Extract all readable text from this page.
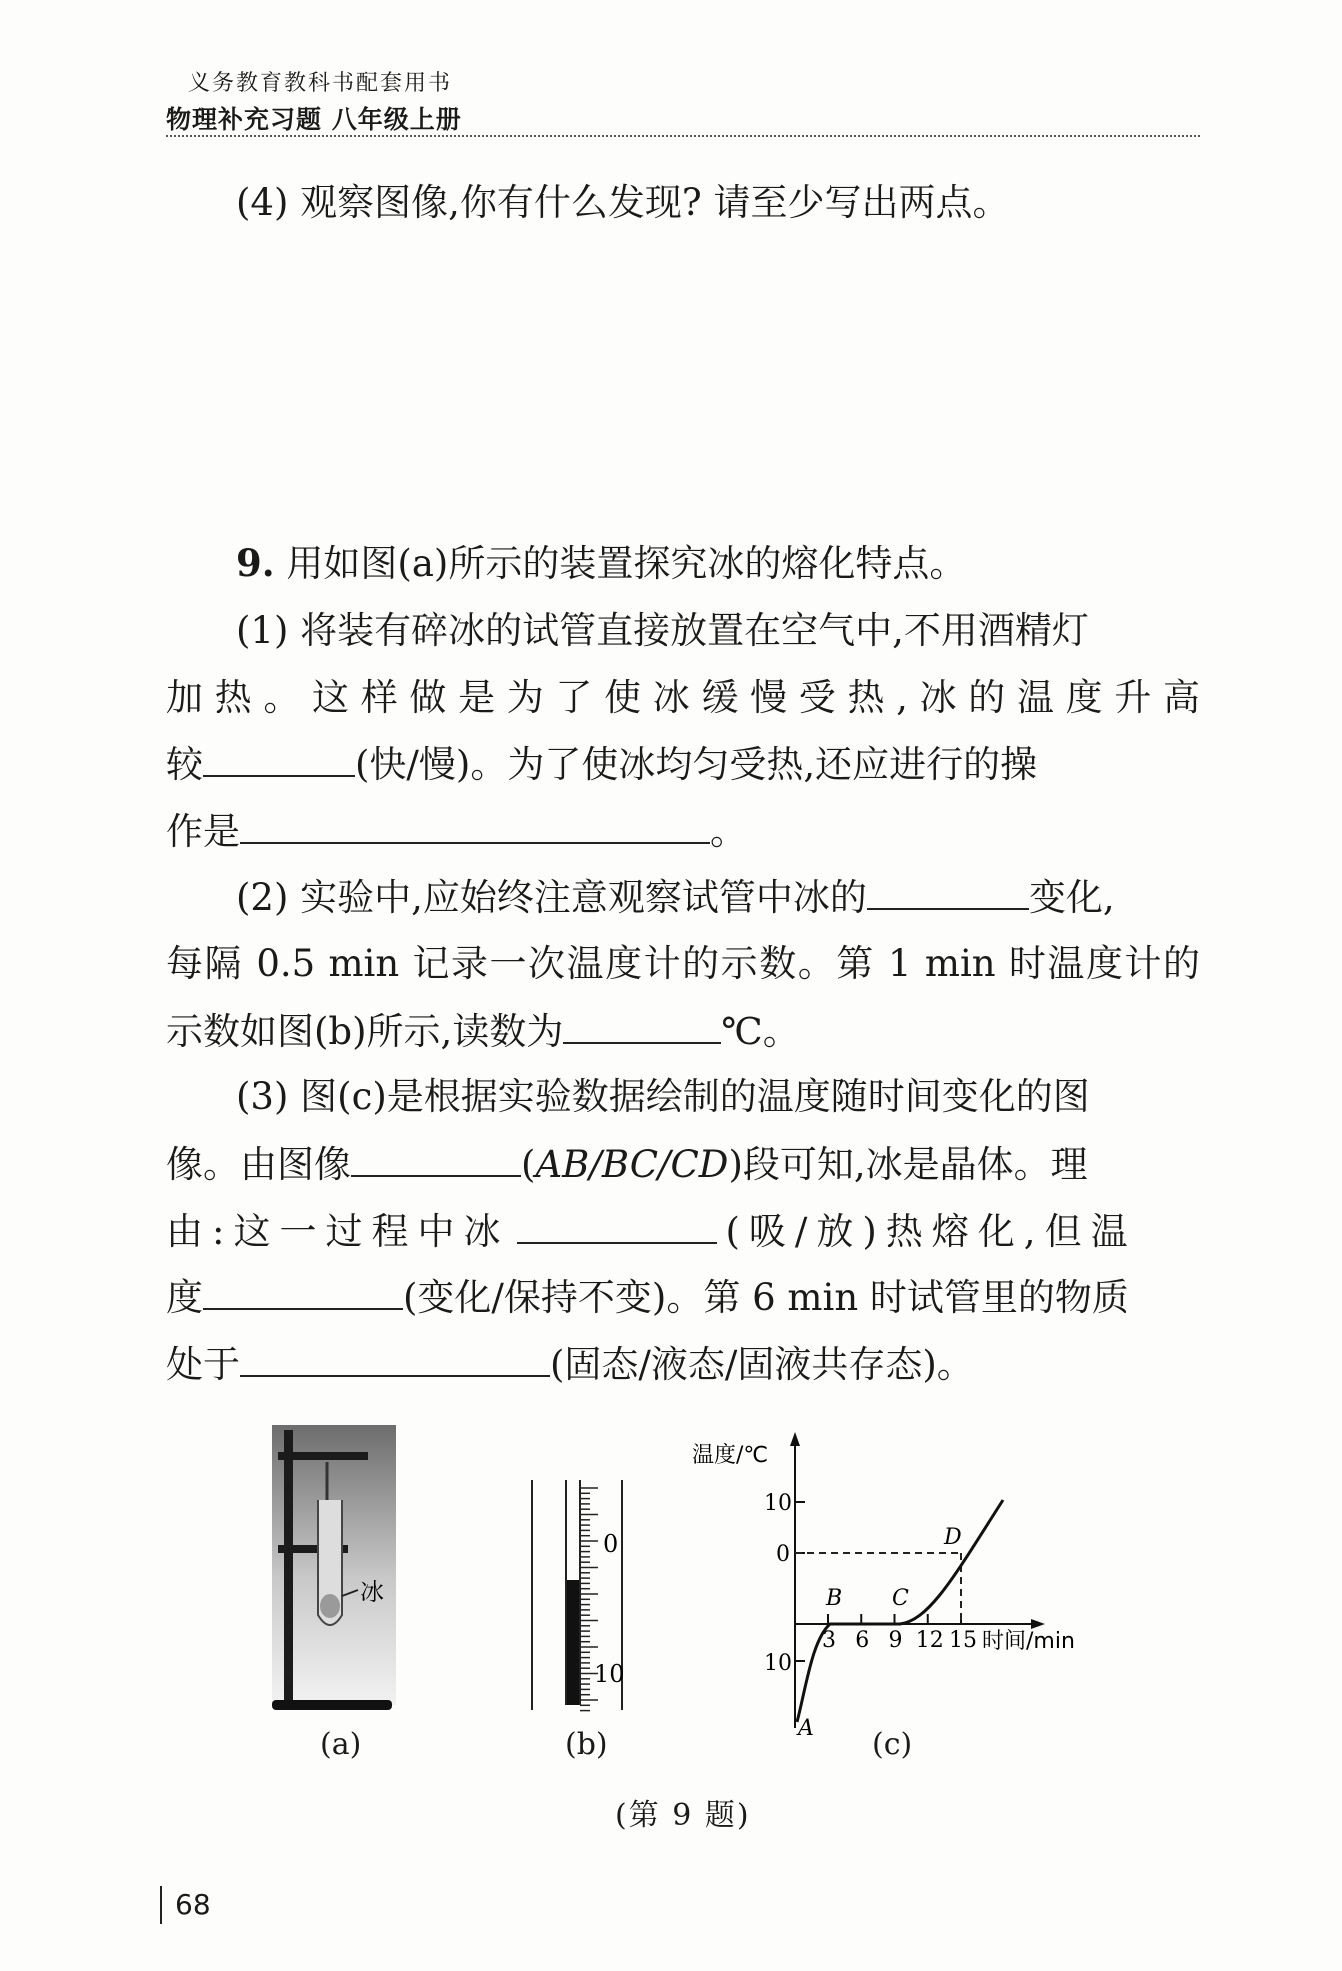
义务教育教科书配套用书
物理补充习题 八年级上册
(4) 观察图像,你有什么发现? 请至少写出两点。
9. 用如图(a)所示的装置探究冰的熔化特点。
(1) 将装有碎冰的试管直接放置在空气中,不用酒精灯
加热。这样做是为了使冰缓慢受热,冰的温度升高
较	(快/慢)。为了使冰均匀受热,还应进行的操
作是	。
(2) 实验中,应始终注意观察试管中冰的	变化,
每隔 0.5 min 记录一次温度计的示数。第 1 min 时温度计的
示数如图(b)所示,读数为	℃。
(3) 图(c)是根据实验数据绘制的温度随时间变化的图
像。由图像	(AB/BC/CD)段可知,冰是晶体。理
由:这一过程中冰	(吸/放)热熔化,但温
度	(变化/保持不变)。第 6 min 时试管里的物质
处于	(固态/液态/固液共存态)。
冰
0
10
温度/℃
时间/min
10
0
10
3 6 9 12 15
A
B C
D
(a)	(b)	(c)
(第 9 题)
68
